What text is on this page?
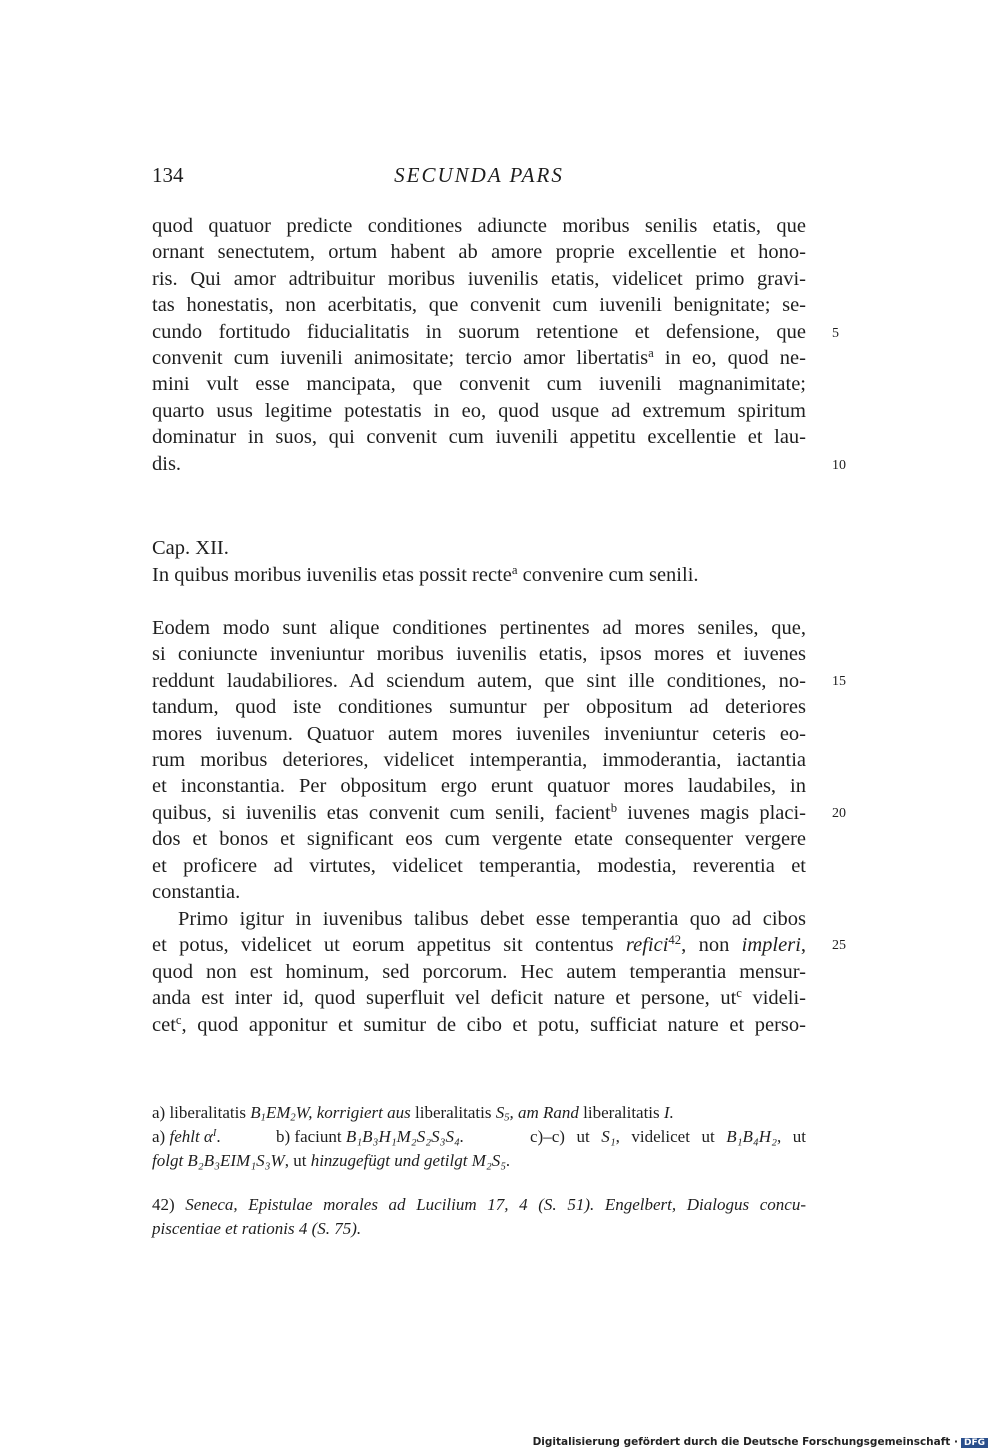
134	SECUNDA PARS
quod quatuor predicte conditiones adiuncte moribus senilis etatis, que
ornant senectutem, ortum habent ab amore proprie excellentie et hono-
ris. Qui amor adtribuitur moribus iuvenilis etatis, videlicet primo gravi-
tas honestatis, non acerbitatis, que convenit cum iuvenili benignitate; se-
cundo fortitudo fiducialitatis in suorum retentione et defensione, que
convenit cum iuvenili animositate; tercio amor libertatis$^a$ in eo, quod ne-
mini vult esse mancipata, que convenit cum iuvenili magnanimitate;
quarto usus legitime potestatis in eo, quod usque ad extremum spiritum
dominatur in suos, qui convenit cum iuvenili appetitu excellentie et lau-
dis.
Cap. XII.
In quibus moribus iuvenilis etas possit recte$^a$ convenire cum senili.
Eodem modo sunt alique conditiones pertinentes ad mores seniles, que,
si coniuncte inveniuntur moribus iuvenilis etatis, ipsos mores et iuvenes
reddunt laudabiliores. Ad sciendum autem, que sint ille conditiones, no-
tandum, quod iste conditiones sumuntur per obpositum ad deteriores
mores iuvenum. Quatuor autem mores iuveniles inveniuntur ceteris eo-
rum moribus deteriores, videlicet intemperantia, immoderantia, iactantia
et inconstantia. Per obpositum ergo erunt quatuor mores laudabiles, in
quibus, si iuvenilis etas convenit cum senili, facient$^b$ iuvenes magis placi-
dos et bonos et significant eos cum vergente etate consequenter vergere
et proficere ad virtutes, videlicet temperantia, modestia, reverentia et
constantia.
Primo igitur in iuvenibus talibus debet esse temperantia quo ad cibos
et potus, videlicet ut eorum appetitus sit contentus refici$^{42}$, non impleri,
quod non est hominum, sed porcorum. Hec autem temperantia mensur-
anda est inter id, quod superfluit vel deficit nature et persone, $ut^c$ videli-
cet$^c$, quod apponitur et sumitur de cibo et potu, sufficiat nature et perso-
5
10
15
20
25
a) liberalitatis $B_1EM_2W$, korrigiert aus liberalitatis $S_5$, am Rand liberalitatis I.
a) fehlt $\alpha^I$.	b) faciunt B₁B₃H₁M₂S₂S₃S₄.	c)–c) ut S₁, videlicet ut B₁B₄H₂, ut
folgt B₂B₃EIM₁S₃W, ut hinzugefügt und getilgt M₂S₅.
42) Seneca, Epistulae morales ad Lucilium 17, 4 (S. 51). Engelbert, Dialogus concu-
piscentiae et rationis 4 (S. 75).
Digitalisierung gefördert durch die Deutsche Forschungsgemeinschaft · DFG
